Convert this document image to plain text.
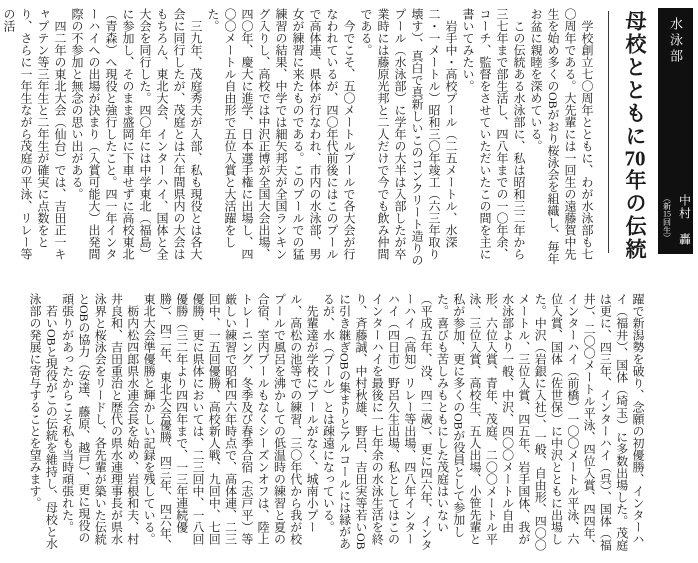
水泳部
中村　轟
（新15回生）
母校とともに70年の伝統

学校創立七〇周年とともに、わが水泳部も七〇周年である。大先輩には一回生の遠藤賀中先生を始め多くのOBがおり桜泳会を組織し、毎年お盆に親睦を深めている。

この伝統ある水泳部に、私は昭和三二年から三七年まで部生活し、四八年までの一〇年余、コーチ、監督をさせていただいたこの間を主に書いてみたい。

岩手中・高校プール（二五メートル、水深二・一メートル）昭和三〇年竣工（六三年取り壊す）、真白で真新しいこのコンクリート造りのプール（水泳部）に学年の大半は入部したが卒業時には藤原光邦と二人だけで今でも飲み仲間である。

今でこそ、五〇メートルプールで各大会が行なわれているが、四〇年代前後にはこのプールで高体連、県体が行なわれ、市内の水泳部、男女が練習に来たものである。このプールでの猛練習の結果、中学では細矢邦夫が全国ランキング入りし、高校では中沢正博が全国大会出場、四〇年、慶大に進学、日本選手権に出場し、四〇〇メートル自由形で五位入賞と大活躍をした。

三九年、茂庭秀夫が入部、私も現役とは各大会に同行したが、茂庭とは六年間県内の大会はもちろん、東北大会、インターハイ、国体と全大会を同行した。四〇年には中学東北（福島）に参加し、そのまま盛岡に下車せずに高校東北（青森）へ現役と強行したこと。四一年インターハイへの出場が決まり（入賞可能大）出発間際の不参加と無念の思い出がある。

四二年の東北大会（仙台）では、吉田正一キャプテン等三年生と二年生が確実に点数をとり、さらに一年生ながら茂庭の平泳、リレー等の活

躍で新潟勢を破り、念願の初優勝、インターハイ（福井）、国体（埼玉）に多数出場した。茂庭は更に、四三年、インターハイ（呉）、国体（福井）、二〇〇メートル平泳、四位入賞、四四年、インターハイ（前橋）一〇〇メートル平泳、六位入賞、国体（佐世保）に中沢とともに出場した。中沢（岩銀に入社）、一般、自由形、四〇〇メートル、三位入賞、四五年、岩手国体、我が水泳部より一般、中沢、四〇〇メートル自由形、六位入賞、青年、茂庭、二〇〇メートル平泳、三位入賞、高校生、五人出場、小笹先輩と私が参加、更に多くのOBが役員として参加した。喜びも苦しみもともにした茂庭はいない（平成五年、没、四二歳）、更に四六年、インターハイ（高知）リレー等出場、四八年インターハイ（四日市）野呂久生出場、私としてはこのインターハイを最後に一七年余の水泳生活を終り、斉藤誠、中村秋雄、野呂、吉田実等若いOBに引き継ぎOBの集まりとアルコールには縁があるが、水（プール）とは疎遠になっている。

先輩達が学校にプールがなく、城南小プール、高松の池等での練習、三〇年代から我が校プールで風呂を沸かしての低温時の練習と夏の合宿、室内プールもなくシーズンオフは、陸上トレーニング、冬季及び春季合宿（志戸平）等厳しい練習で昭和四六年時点で、高体連、二三回中、一五回優勝、高校新人戦、九回中、七回優勝、更に県体においては、二三回中、一八回優勝（三二年より四四年まで、一三年連続優勝）、四二年、東北大会優勝、四三年、四六年、東北大会準優勝と輝かしい記録を残している。

栃内松四郎県水連会長を始め、岩根和夫、村井良和、吉田重治と歴代の県水連理事長が県水泳界と桜泳会をリードし、各先輩が築いた伝統とOBの協力（安達、藤原、越戸）、更に現役の頑張りがあったからこそ私も当時頑張れた。

若いOBと現役がこの伝統を維持し、母校と水泳部の発展に寄与することを望みます。
